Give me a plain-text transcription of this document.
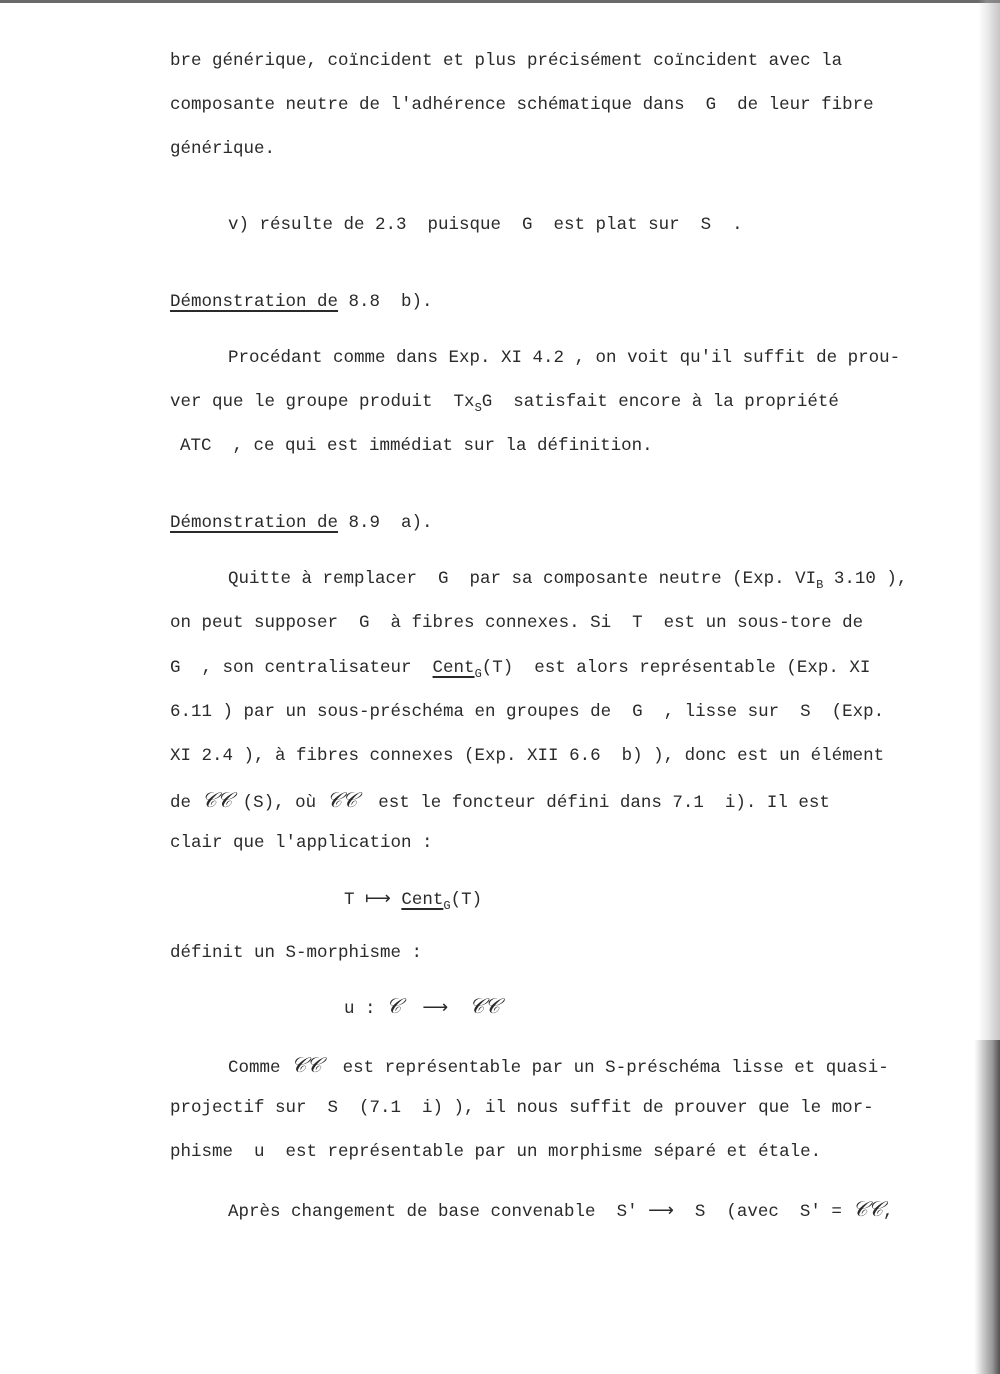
bre générique, coïncident et plus précisément coïncident avec la
composante neutre de l'adhérence schématique dans  G  de leur fibre
générique.
v) résulte de 2.3  puisque  G  est plat sur  S  .
Démonstration de 8.8  b).
Procédant comme dans Exp. XI 4.2 , on voit qu'il suffit de prou-
ver que le groupe produit  $Tx_SG$  satisfait encore à la propriété
ATC  , ce qui est immédiat sur la définition.
Démonstration de 8.9  a).
Quitte à remplacer  G  par sa composante neutre (Exp. $VI_B$ 3.10 ),
on peut supposer  G  à fibres connexes. Si  T  est un sous-tore de
G  , son centralisateur  Cent$_G$(T)  est alors représentable (Exp. XI
6.11 ) par un sous-préschéma en groupes de  G  , lisse sur  S  (Exp.
XI 2.4 ), à fibres connexes (Exp. XII 6.6  b) ), donc est un élément
de 𝒞𝒞 (S), où 𝒞𝒞  est le foncteur défini dans 7.1  i). Il est
clair que l'application :
T ⟼ Cent$_G$(T)
définit un S-morphisme :
u : 𝒞 ⟶ 𝒞𝒞
Comme 𝒞𝒞  est représentable par un S-préschéma lisse et quasi-
projectif sur  S  (7.1  i) ), il nous suffit de prouver que le mor-
phisme  u  est représentable par un morphisme séparé et étale.
Après changement de base convenable  S' ⟶  S  (avec  S' = 𝒞𝒞,
